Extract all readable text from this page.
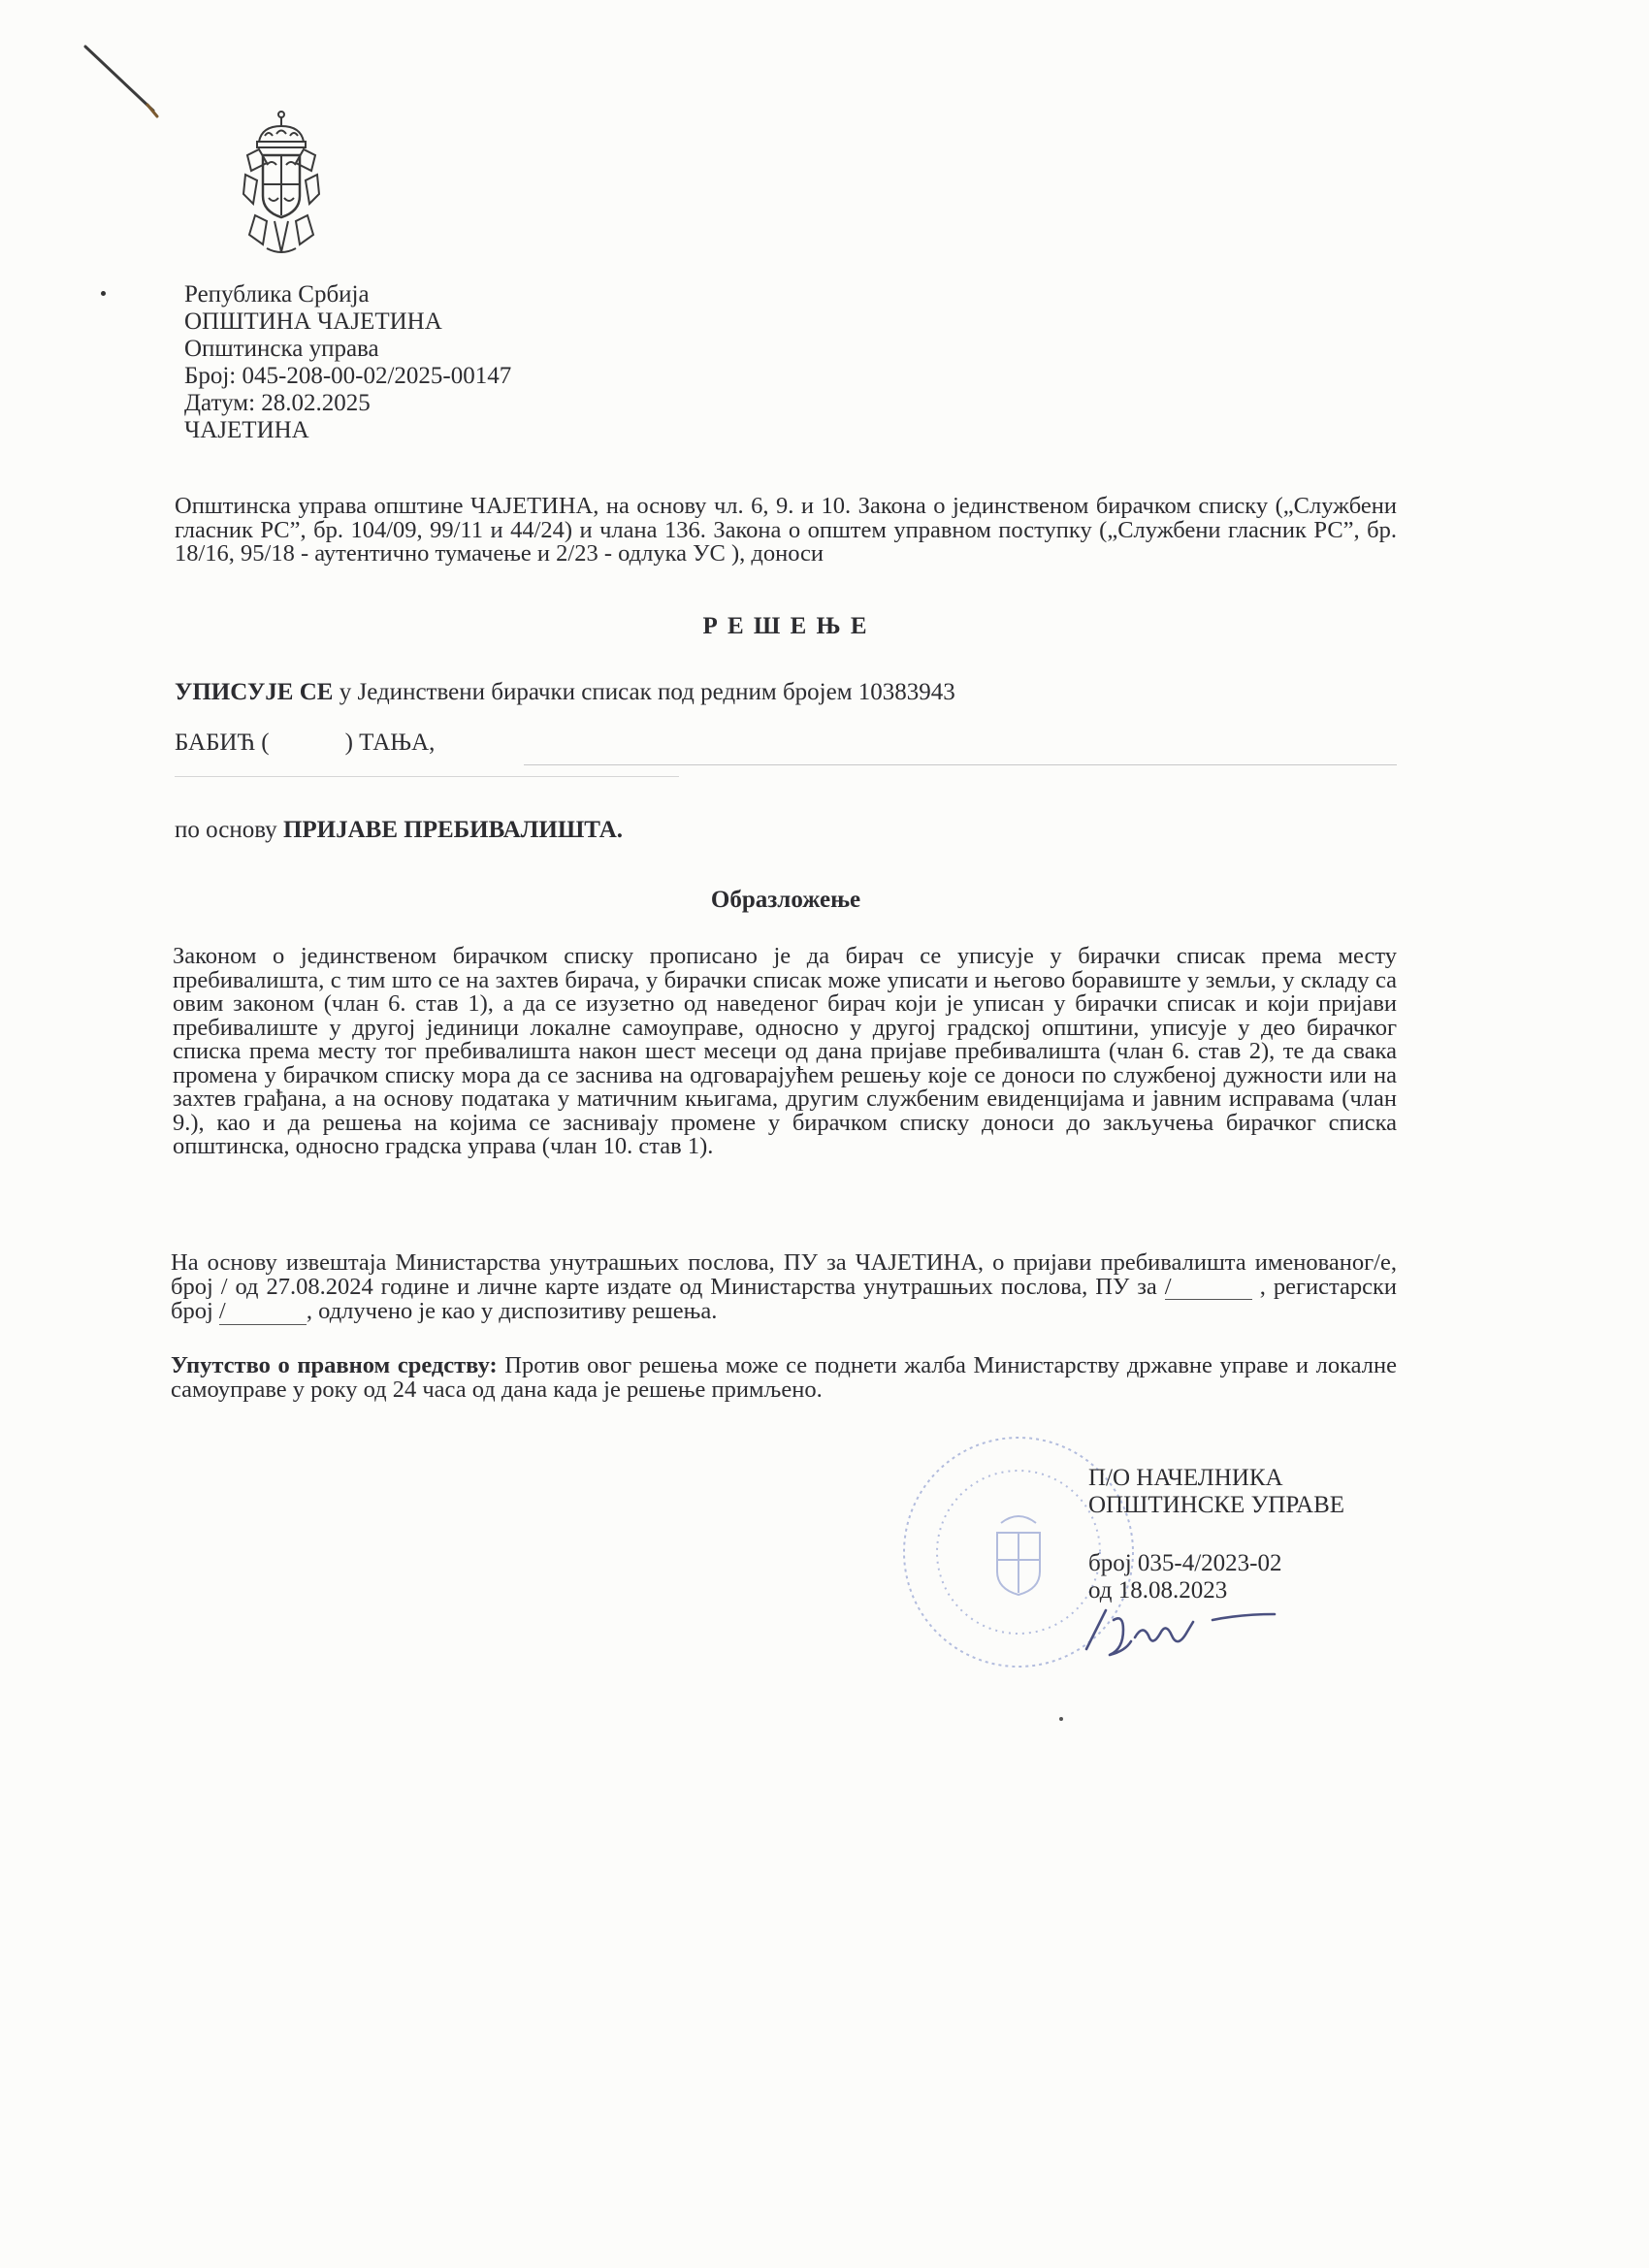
Република Србија
ОПШТИНА ЧАЈЕТИНА
Општинска управа
Број: 045-208-00-02/2025-00147
Датум: 28.02.2025
ЧАЈЕТИНА
Општинска управа општине ЧАЈЕТИНА, на основу чл. 6, 9. и 10. Закона о јединственом бирачком списку („Службени гласник РС”, бр. 104/09, 99/11 и 44/24) и члана 136. Закона о општем управном поступку („Службени гласник РС”, бр. 18/16, 95/18 - аутентично тумачење и 2/23 - одлука УС ), доноси
Р Е Ш Е Њ Е
УПИСУЈЕ СЕ у Јединствени бирачки списак под редним бројем 10383943
БАБИЋ (	) ТАЊА,
по основу ПРИЈАВЕ ПРЕБИВАЛИШТА.
Образложење
Законом о јединственом бирачком списку прописано је да бирач се уписује у бирачки списак према месту пребивалишта, с тим што се на захтев бирача, у бирачки списак може уписати и његово боравиште у земљи, у складу са овим законом (члан 6. став 1), а да се изузетно од наведеног бирач који је уписан у бирачки списак и који пријави пребивалиште у другој јединици локалне самоуправе, односно у другој градској општини, уписује у део бирачког списка према месту тог пребивалишта након шест месеци од дана пријаве пребивалишта (члан 6. став 2), те да свака промена у бирачком списку мора да се заснива на одговарајућем решењу које се доноси по службеној дужности или на захтев грађана, а на основу података у матичним књигама, другим службеним евиденцијама и јавним исправама (члан 9.), као и да решења на којима се заснивају промене у бирачком списку доноси до закључења бирачког списка општинска, односно градска управа (члан 10. став 1).
На основу извештаја Министарства унутрашњих послова, ПУ за ЧАЈЕТИНА, о пријави пребивалишта именованог/е, број / од 27.08.2024 године и личне карте издате од Министарства унутрашњих послова, ПУ за /	, регистарски број /	, одлучено је као у диспозитиву решења.
Упутство о правном средству: Против овог решења може се поднети жалба Министарству државне управе и локалне самоуправе у року од 24 часа од дана када је решење примљено.
П/О НАЧЕЛНИКА
ОПШТИНСКЕ УПРАВЕ
број 035-4/2023-02
од 18.08.2023
